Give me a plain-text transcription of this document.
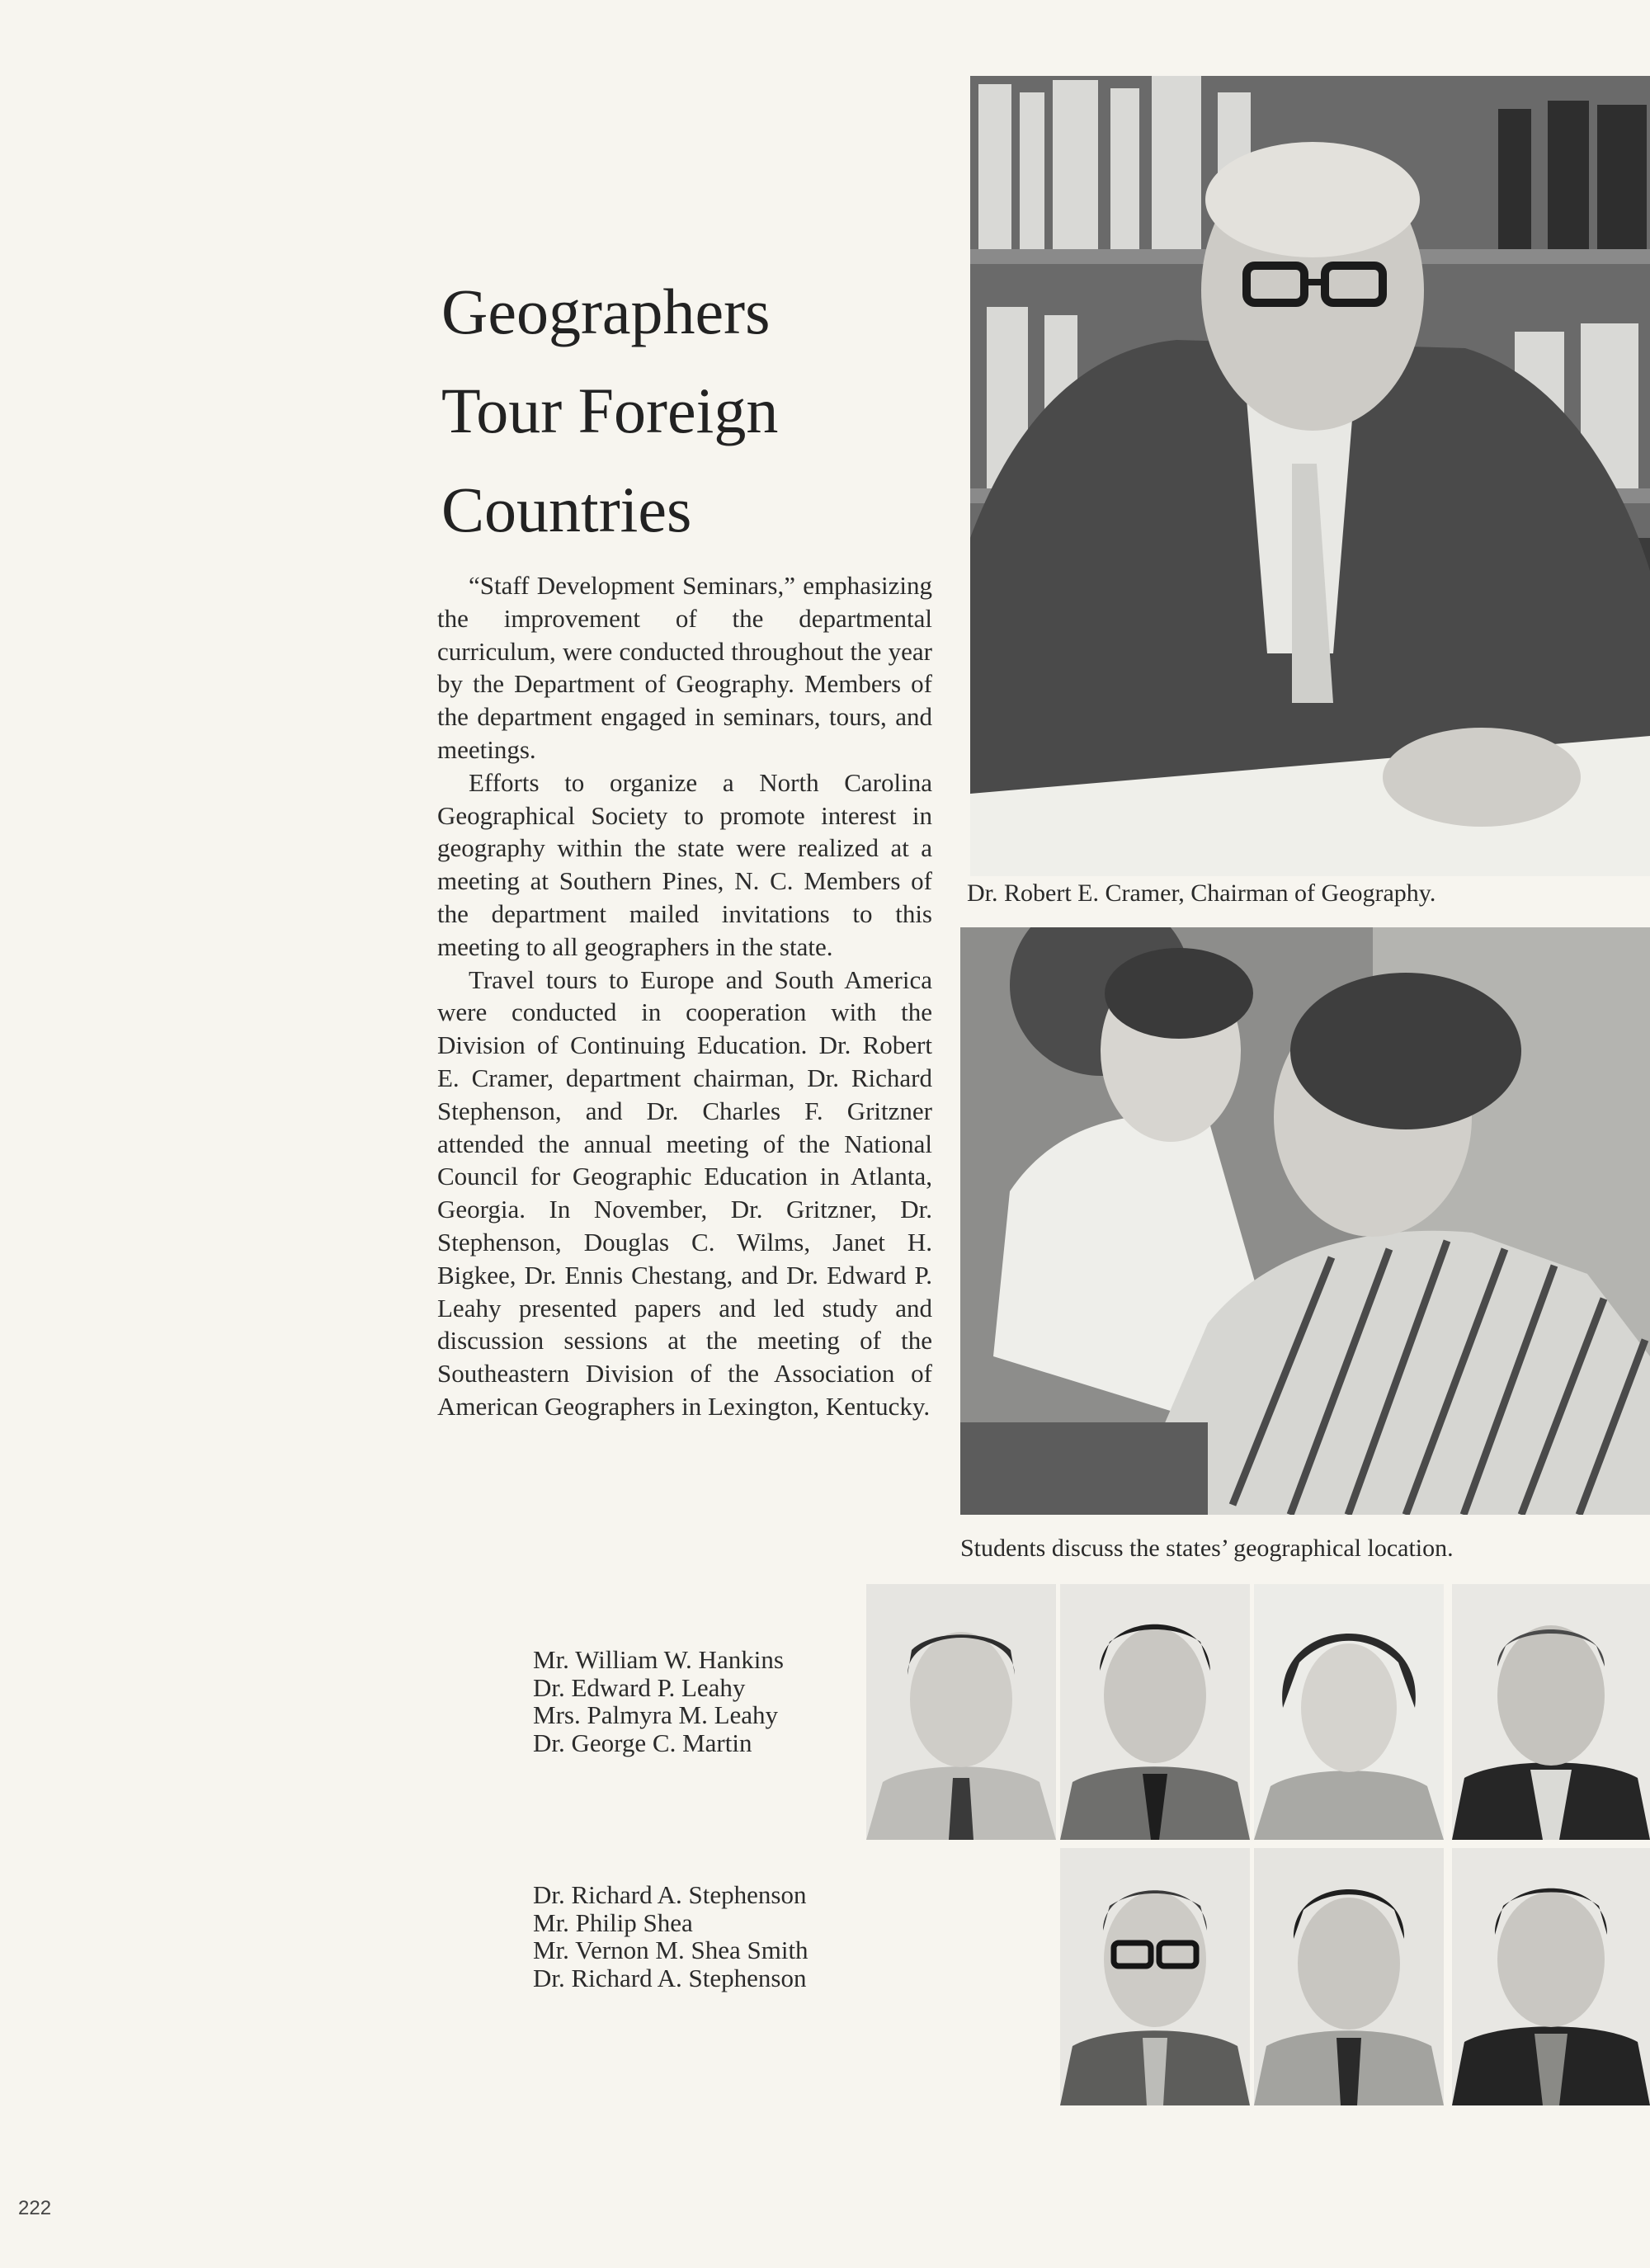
Geographers
Tour Foreign
Countries

“Staff Development Seminars,” emphasizing the improvement of the departmental curriculum, were conducted throughout the year by the Department of Geography. Members of the department engaged in seminars, tours, and meetings.

Efforts to organize a North Carolina Geographical Society to promote interest in geography within the state were realized at a meeting at Southern Pines, N. C. Members of the department mailed invitations to this meeting to all geographers in the state.

Travel tours to Europe and South America were conducted in cooperation with the Division of Continuing Education. Dr. Robert E. Cramer, department chairman, Dr. Richard Stephenson, and Dr. Charles F. Gritzner attended the annual meeting of the National Council for Geographic Education in Atlanta, Georgia. In November, Dr. Gritzner, Dr. Stephenson, Douglas C. Wilms, Janet H. Bigkee, Dr. Ennis Chestang, and Dr. Edward P. Leahy presented papers and led study and discussion sessions at the meeting of the Southeastern Division of the Association of American Geographers in Lexington, Kentucky.

Dr. Robert E. Cramer, Chairman of Geography.
Students discuss the states’ geographical location.
Mr. William W. Hankins
Dr. Edward P. Leahy
Mrs. Palmyra M. Leahy
Dr. George C. Martin
Dr. Richard A. Stephenson
Mr. Philip Shea
Mr. Vernon M. Shea Smith
Dr. Richard A. Stephenson
222
